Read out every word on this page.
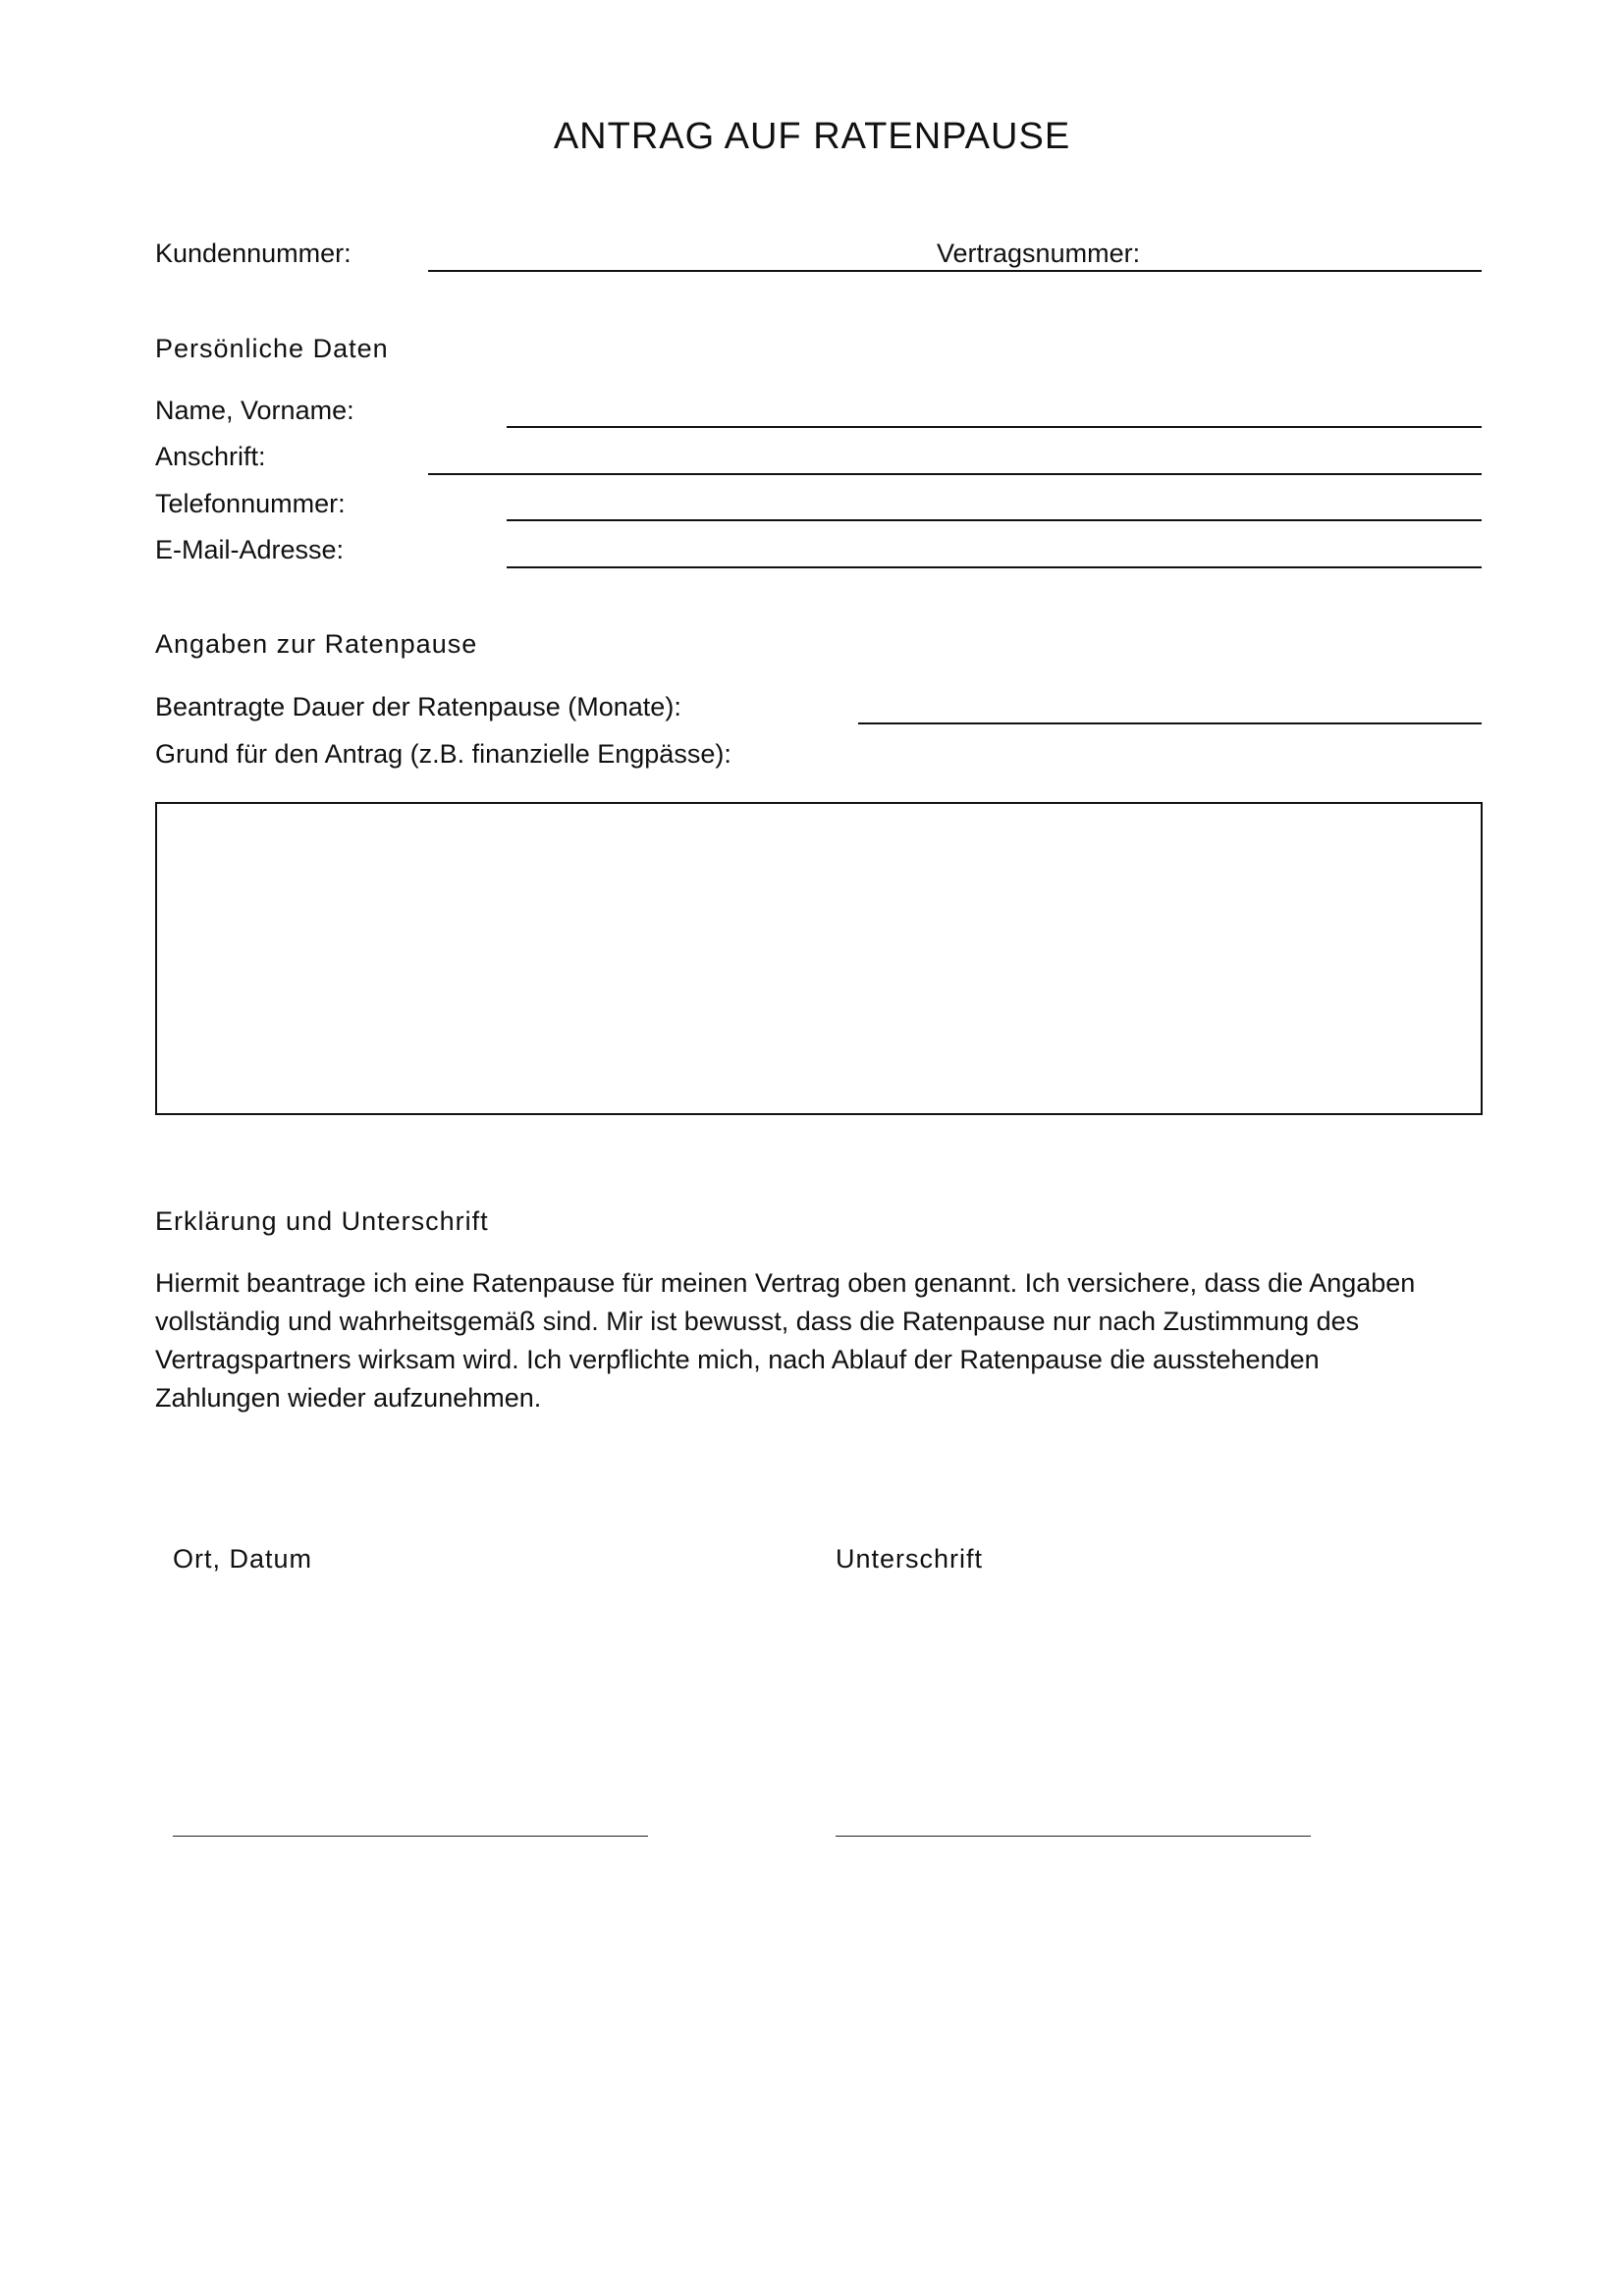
ANTRAG AUF RATENPAUSE
Kundennummer:	Vertragsnummer:
Persönliche Daten
Name, Vorname:
Anschrift:
Telefonnummer:
E-Mail-Adresse:
Angaben zur Ratenpause
Beantragte Dauer der Ratenpause (Monate):
Grund für den Antrag (z.B. finanzielle Engpässe):
Erklärung und Unterschrift

Hiermit beantrage ich eine Ratenpause für meinen Vertrag oben genannt. Ich versichere, dass die Angaben

vollständig und wahrheitsgemäß sind. Mir ist bewusst, dass die Ratenpause nur nach Zustimmung des

Vertragspartners wirksam wird. Ich verpflichte mich, nach Ablauf der Ratenpause die ausstehenden

Zahlungen wieder aufzunehmen.

Ort, Datum	Unterschrift
